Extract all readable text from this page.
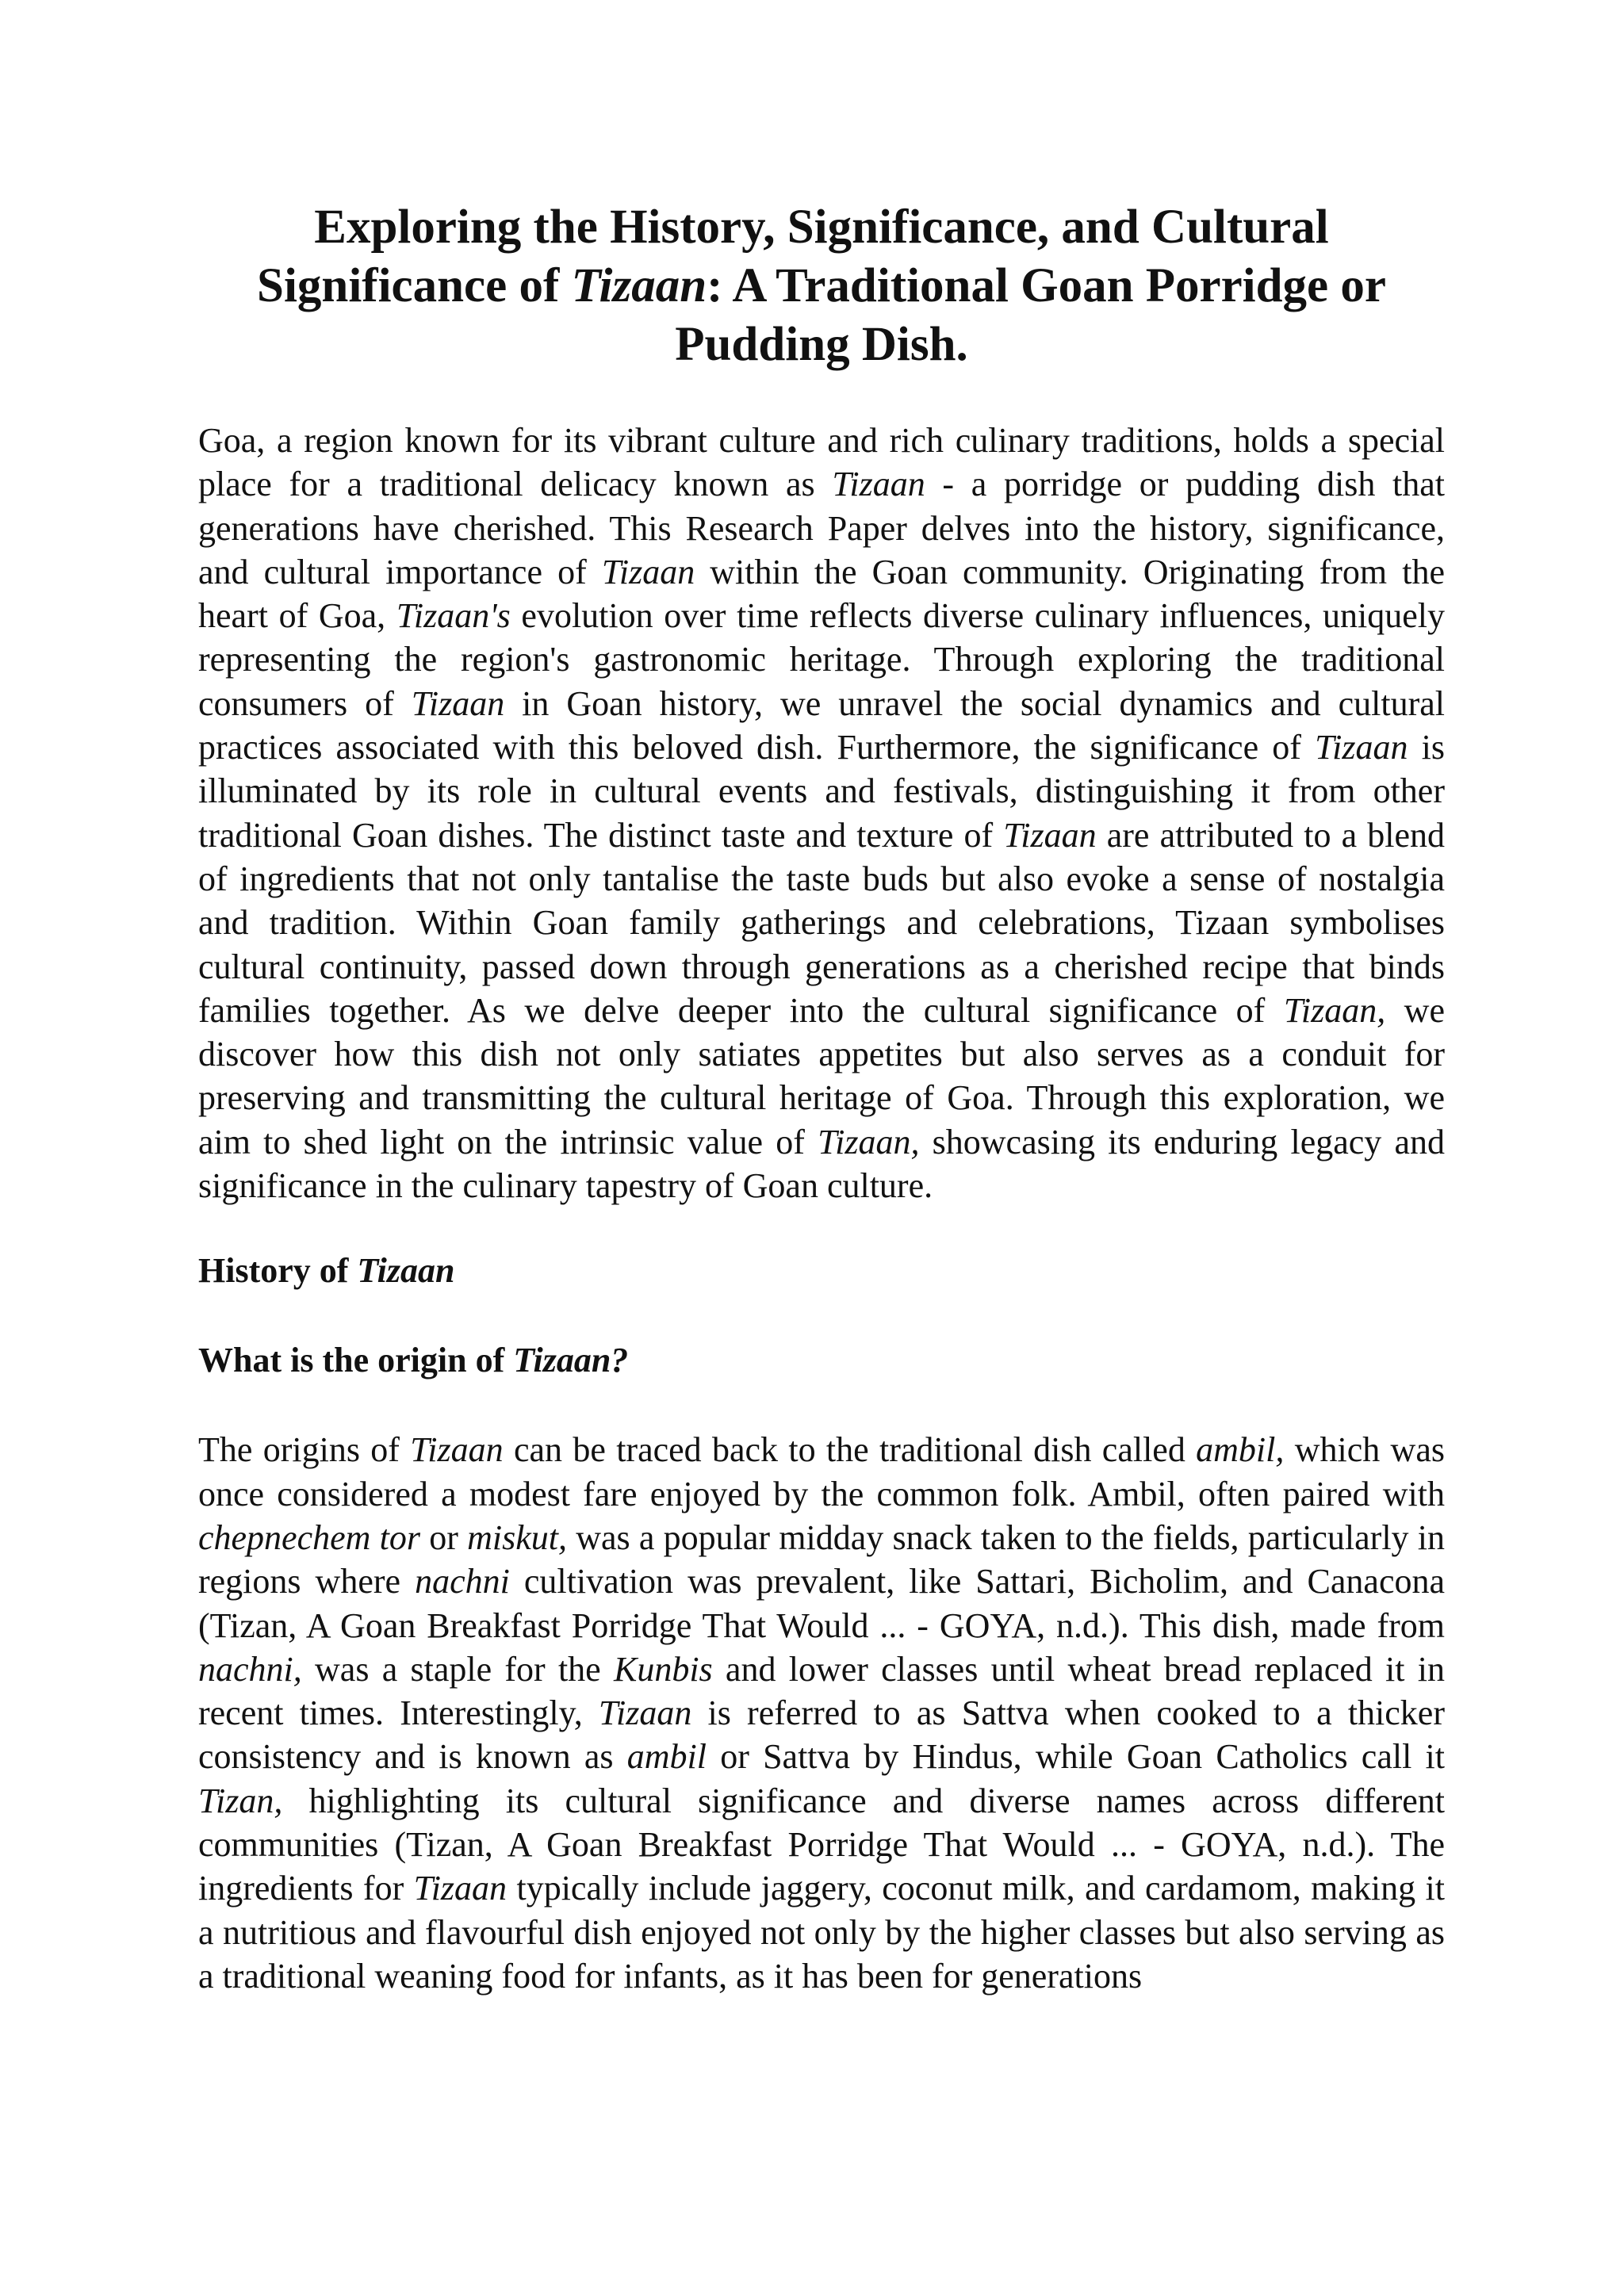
Exploring the History, Significance, and Cultural Significance of Tizaan: A Traditional Goan Porridge or Pudding Dish.

Goa, a region known for its vibrant culture and rich culinary traditions, holds a special place for a traditional delicacy known as Tizaan - a porridge or pudding dish that generations have cherished. This Research Paper delves into the history, significance, and cultural importance of Tizaan within the Goan community. Originating from the heart of Goa, Tizaan's evolution over time reflects diverse culinary influences, uniquely representing the region's gastronomic heritage. Through exploring the traditional consumers of Tizaan in Goan history, we unravel the social dynamics and cultural practices associated with this beloved dish. Furthermore, the significance of Tizaan is illuminated by its role in cultural events and festivals, distinguishing it from other traditional Goan dishes. The distinct taste and texture of Tizaan are attributed to a blend of ingredients that not only tantalise the taste buds but also evoke a sense of nostalgia and tradition. Within Goan family gatherings and celebrations, Tizaan symbolises cultural continuity, passed down through generations as a cherished recipe that binds families together. As we delve deeper into the cultural significance of Tizaan, we discover how this dish not only satiates appetites but also serves as a conduit for preserving and transmitting the cultural heritage of Goa. Through this exploration, we aim to shed light on the intrinsic value of Tizaan, showcasing its enduring legacy and significance in the culinary tapestry of Goan culture.

History of Tizaan

What is the origin of Tizaan?

The origins of Tizaan can be traced back to the traditional dish called ambil, which was once considered a modest fare enjoyed by the common folk. Ambil, often paired with chepnechem tor or miskut, was a popular midday snack taken to the fields, particularly in regions where nachni cultivation was prevalent, like Sattari, Bicholim, and Canacona (Tizan, A Goan Breakfast Porridge That Would ... - GOYA, n.d.). This dish, made from nachni, was a staple for the Kunbis and lower classes until wheat bread replaced it in recent times. Interestingly, Tizaan is referred to as Sattva when cooked to a thicker consistency and is known as ambil or Sattva by Hindus, while Goan Catholics call it Tizan, highlighting its cultural significance and diverse names across different communities (Tizan, A Goan Breakfast Porridge That Would ... - GOYA, n.d.). The ingredients for Tizaan typically include jaggery, coconut milk, and cardamom, making it a nutritious and flavourful dish enjoyed not only by the higher classes but also serving as a traditional weaning food for infants, as it has been for generations
